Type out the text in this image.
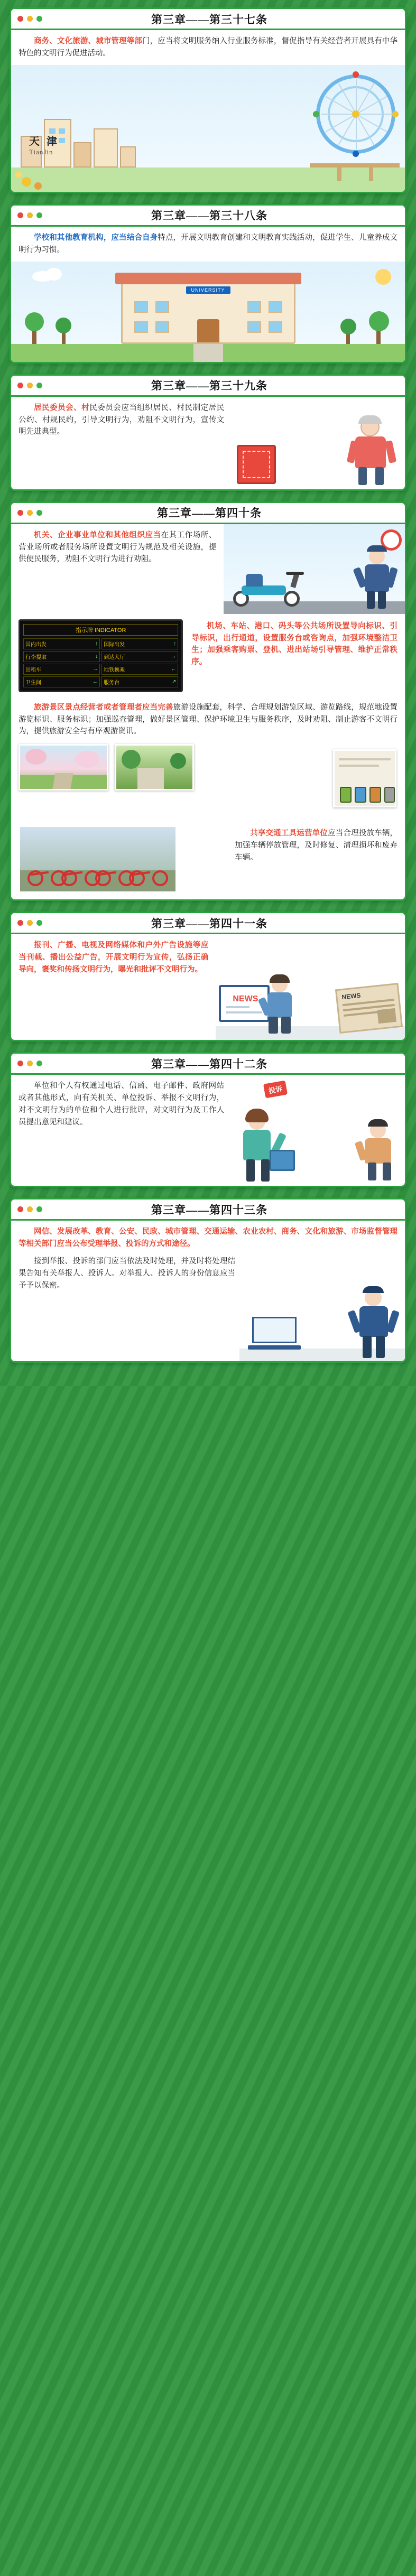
第三章——第三十七条
商务、文化旅游、城市管理等部门，应当将文明服务纳入行业服务标准，督促指导有关经营者开展具有中华特色的文明行为促进活动。
天 津
TianJin
第三章——第三十八条
学校和其他教育机构，应当结合自身特点，开展文明教育创建和文明教育实践活动，促进学生、儿童养成文明行为习惯。
UNIVERSITY
第三章——第三十九条
居民委员会、村民委员会应当组织居民、村民制定居民公约、村规民约，引导文明行为，劝阻不文明行为，宣传文明先进典型。
第三章——第四十条
机关、企业事业单位和其他组织应当在其工作场所、营业场所或者服务场所设置文明行为规范及相关设施，提供便民服务，劝阻不文明行为进行劝阻。
指示牌 INDICATOR
国内出发	↑ 国际出发	↑
行李提取	↓ 到达大厅	→
出租车	→ 地铁换乘	←
卫生间	← 服务台	↗
机场、车站、港口、码头等公共场所设置导向标识、引导标识，出行通道，设置服务台或咨询点，加强环境整洁卫生；加强乘客购票、登机、进出站场引导管理、维护正常秩序。
旅游景区景点经营者或者管理者应当完善旅游设施配套，科学、合理规划游览区域、游览路线，规范地设置游览标识、服务标识；加强巡查管理，做好景区管理、保护环境卫生与服务秩序，及时劝阻、制止游客不文明行为，提供旅游安全与有序观游资讯。
共享交通工具运营单位应当合理投放车辆，加强车辆停放管理，及时修复、清理损坏和废弃车辆。
第三章——第四十一条
报刊、广播、电视及网络媒体和户外广告设施等应当刊载、播出公益广告，开展文明行为宣传，弘扬正确导向，褒奖和传扬文明行为，曝光和批评不文明行为。
NEWS	NEWS
第三章——第四十二条
单位和个人有权通过电话、信函、电子邮件、政府网站或者其他形式，向有关机关、单位投诉、举报不文明行为，对不文明行为的单位和个人进行批评，对文明行为及工作人员提出意见和建议。
投诉
第三章——第四十三条
网信、发展改革、教育、公安、民政、城市管理、交通运输、农业农村、商务、文化和旅游、市场监督管理等相关部门应当公布受理举报、投诉的方式和途径。
接到举报、投诉的部门应当依法及时处理，并及时将处理结果告知有关举报人、投诉人。对举报人、投诉人的身份信息应当予予以保密。
